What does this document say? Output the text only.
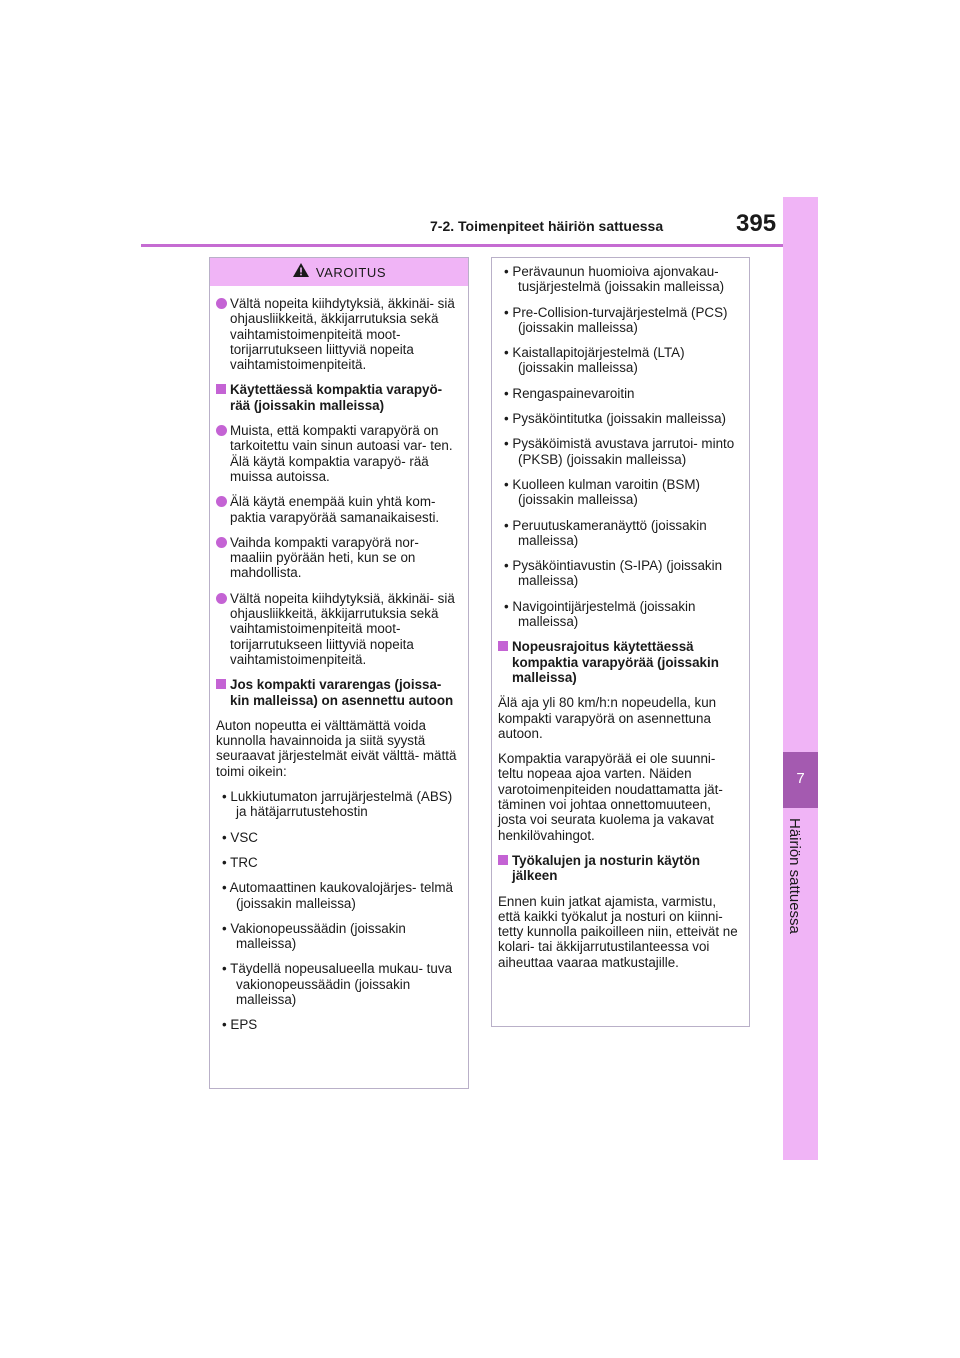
7-2. Toimenpiteet häiriön sattuessa	395
7
Häiriön sattuessa
VAROITUS
Vältä nopeita kiihdytyksiä, äkkinäi- siä ohjausliikkeitä, äkkijarrutuksia sekä vaihtamistoimenpiteitä moot- torijarrutukseen liittyviä nopeita vaihtamistoimenpiteitä.
Käytettäessä kompaktia varapyö- rää (joissakin malleissa)
Muista, että kompakti varapyörä on tarkoitettu vain sinun autoasi var- ten. Älä käytä kompaktia varapyö- rää muissa autoissa.
Älä käytä enempää kuin yhtä kom- paktia varapyörää samanaikaisesti.
Vaihda kompakti varapyörä nor- maaliin pyörään heti, kun se on mahdollista.
Vältä nopeita kiihdytyksiä, äkkinäi- siä ohjausliikkeitä, äkkijarrutuksia sekä vaihtamistoimenpiteitä moot- torijarrutukseen liittyviä nopeita vaihtamistoimenpiteitä.
Jos kompakti vararengas (joissa- kin malleissa) on asennettu autoon
Auton nopeutta ei välttämättä voida kunnolla havainnoida ja siitä syystä seuraavat järjestelmät eivät välttä- mättä toimi oikein:
• Lukkiutumaton jarrujärjestelmä (ABS) ja hätäjarrutustehostin
• VSC
• TRC
• Automaattinen kaukovalojärjes- telmä (joissakin malleissa)
• Vakionopeussäädin (joissakin malleissa)
• Täydellä nopeusalueella mukau- tuva vakionopeussäädin (joissakin malleissa)
• EPS
• Perävaunun huomioiva ajonvakau- tusjärjestelmä (joissakin malleissa)
• Pre-Collision-turvajärjestelmä (PCS) (joissakin malleissa)
• Kaistallapitojärjestelmä (LTA) (joissakin malleissa)
• Rengaspainevaroitin
• Pysäköintitutka (joissakin malleissa)
• Pysäköimistä avustava jarrutoi- minto (PKSB) (joissakin malleissa)
• Kuolleen kulman varoitin (BSM) (joissakin malleissa)
• Peruutuskameranäyttö (joissakin malleissa)
• Pysäköintiavustin (S-IPA) (joissakin malleissa)
• Navigointijärjestelmä (joissakin malleissa)
Nopeusrajoitus käytettäessä kompaktia varapyörää (joissakin malleissa)
Älä aja yli 80 km/h:n nopeudella, kun kompakti varapyörä on asennettuna autoon.
Kompaktia varapyörää ei ole suunni- teltu nopeaa ajoa varten. Näiden varotoimenpiteiden noudattamatta jät- täminen voi johtaa onnettomuuteen, josta voi seurata kuolema ja vakavat henkilövahingot.
Työkalujen ja nosturin käytön jälkeen
Ennen kuin jatkat ajamista, varmistu, että kaikki työkalut ja nosturi on kiinni- tetty kunnolla paikoilleen niin, etteivät ne kolari- tai äkkijarrutustilanteessa voi aiheuttaa vaaraa matkustajille.
